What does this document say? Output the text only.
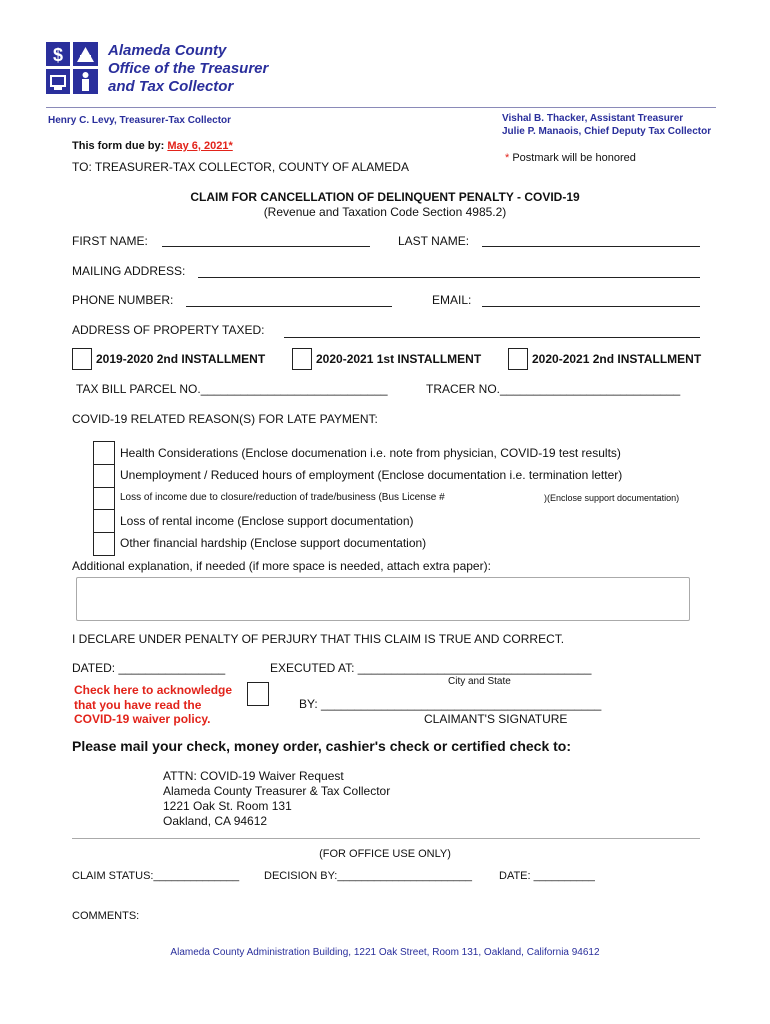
$	Alameda County
Office of the Treasurer
and Tax Collector
Henry C. Levy, Treasurer-Tax Collector	Vishal B. Thacker, Assistant Treasurer
Julie P. Manaois, Chief Deputy Tax Collector
This form due by: May 6, 2021*
* Postmark will be honored
TO: TREASURER-TAX COLLECTOR, COUNTY OF ALAMEDA
CLAIM FOR CANCELLATION OF DELINQUENT PENALTY - COVID-19
(Revenue and Taxation Code Section 4985.2)
FIRST NAME:	LAST NAME:
MAILING ADDRESS:
PHONE NUMBER:	EMAIL:
ADDRESS OF PROPERTY TAXED:
2019-2020 2nd INSTALLMENT	2020-2021 1st INSTALLMENT	2020-2021 2nd INSTALLMENT
TAX BILL PARCEL NO.____________________________	TRACER NO.___________________________
COVID-19 RELATED REASON(S) FOR LATE PAYMENT:
Health Considerations (Enclose documenation i.e. note from physician, COVID-19 test results)
Unemployment / Reduced hours of employment (Enclose documentation i.e. termination letter)
Loss of income due to closure/reduction of trade/business (Bus License #	)(Enclose support documentation)
Loss of rental income (Enclose support documentation)
Other financial hardship (Enclose support documentation)
Additional explanation, if needed (if more space is needed, attach extra paper):
I DECLARE UNDER PENALTY OF PERJURY THAT THIS CLAIM IS TRUE AND CORRECT.
DATED: ________________	EXECUTED AT: ___________________________________
City and State
Check here to acknowledge
that you have read the
COVID-19 waiver policy.
BY: __________________________________________
CLAIMANT'S SIGNATURE
Please mail your check, money order, cashier's check or certified check to:
ATTN: COVID-19 Waiver Request
Alameda County Treasurer & Tax Collector
1221 Oak St. Room 131
Oakland, CA 94612
(FOR OFFICE USE ONLY)
CLAIM STATUS:______________ DECISION BY:______________________ DATE: __________
COMMENTS:
Alameda County Administration Building, 1221 Oak Street, Room 131, Oakland, California 94612
